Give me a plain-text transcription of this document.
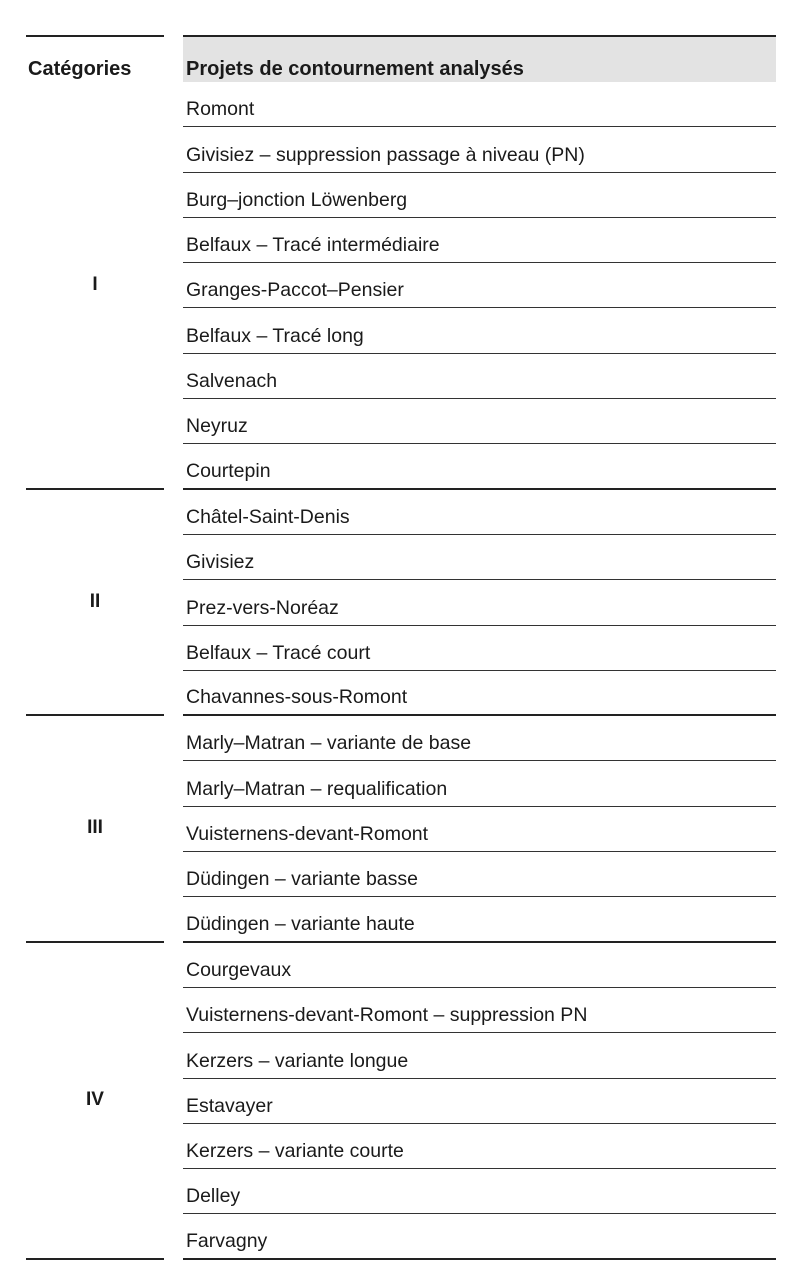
Catégories	Projets de contournement analysés
I
Romont
Givisiez – suppression passage à niveau (PN)
Burg–jonction Löwenberg
Belfaux – Tracé intermédiaire
Granges-Paccot–Pensier
Belfaux – Tracé long
Salvenach
Neyruz
Courtepin
II
Châtel-Saint-Denis
Givisiez
Prez-vers-Noréaz
Belfaux – Tracé court
Chavannes-sous-Romont
III
Marly–Matran – variante de base
Marly–Matran – requalification
Vuisternens-devant-Romont
Düdingen – variante basse
Düdingen – variante haute
IV
Courgevaux
Vuisternens-devant-Romont – suppression PN
Kerzers – variante longue
Estavayer
Kerzers – variante courte
Delley
Farvagny
